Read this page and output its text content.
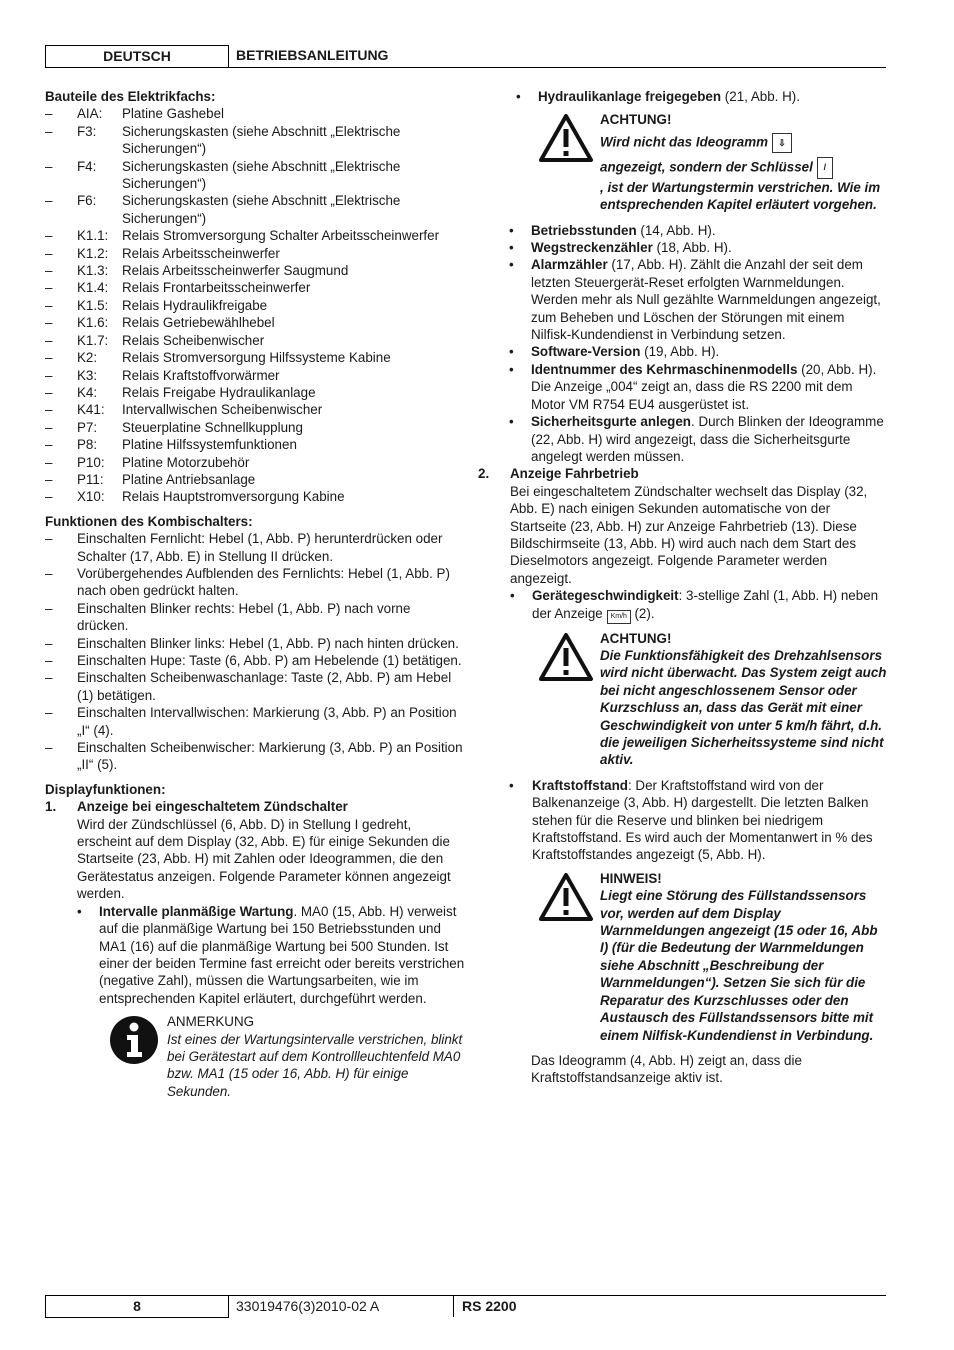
DEUTSCH	BETRIEBSANLEITUNG
Bauteile des Elektrikfachs:
– AIA: Platine Gashebel
– F3: Sicherungskasten (siehe Abschnitt „Elektrische Sicherungen“)
– F4: Sicherungskasten (siehe Abschnitt „Elektrische Sicherungen“)
– F6: Sicherungskasten (siehe Abschnitt „Elektrische Sicherungen“)
– K1.1: Relais Stromversorgung Schalter Arbeitsscheinwerfer
– K1.2: Relais Arbeitsscheinwerfer
– K1.3: Relais Arbeitsscheinwerfer Saugmund
– K1.4: Relais Frontarbeitsscheinwerfer
– K1.5: Relais Hydraulikfreigabe
– K1.6: Relais Getriebewählhebel
– K1.7: Relais Scheibenwischer
– K2: Relais Stromversorgung Hilfssysteme Kabine
– K3: Relais Kraftstoffvorwärmer
– K4: Relais Freigabe Hydraulikanlage
– K41: Intervallwischen Scheibenwischer
– P7: Steuerplatine Schnellkupplung
– P8: Platine Hilfssystemfunktionen
– P10: Platine Motorzubehör
– P11: Platine Antriebsanlage
– X10: Relais Hauptstromversorgung Kabine
Funktionen des Kombischalters:
– Einschalten Fernlicht: Hebel (1, Abb. P) herunterdrücken oder Schalter (17, Abb. E) in Stellung II drücken.
– Vorübergehendes Aufblenden des Fernlichts: Hebel (1, Abb. P) nach oben gedrückt halten.
– Einschalten Blinker rechts: Hebel (1, Abb. P) nach vorne drücken.
– Einschalten Blinker links: Hebel (1, Abb. P) nach hinten drücken.
– Einschalten Hupe: Taste (6, Abb. P) am Hebelende (1) betätigen.
– Einschalten Scheibenwaschanlage: Taste (2, Abb. P) am Hebel (1) betätigen.
– Einschalten Intervallwischen: Markierung (3, Abb. P) an Position „I“ (4).
– Einschalten Scheibenwischer: Markierung (3, Abb. P) an Position „II“ (5).
Displayfunktionen:
1. Anzeige bei eingeschaltetem Zündschalter
Wird der Zündschlüssel (6, Abb. D) in Stellung I gedreht, erscheint auf dem Display (32, Abb. E) für einige Sekunden die Startseite (23, Abb. H) mit Zahlen oder Ideogrammen, die den Gerätestatus anzeigen. Folgende Parameter können angezeigt werden.
• Intervalle planmäßige Wartung. MA0 (15, Abb. H) verweist auf die planmäßige Wartung bei 150 Betriebsstunden und MA1 (16) auf die planmäßige Wartung bei 500 Stunden. Ist einer der beiden Termine fast erreicht oder bereits verstrichen (negative Zahl), müssen die Wartungsarbeiten, wie im entsprechenden Kapitel erläutert, durchgeführt werden.
ANMERKUNG
Ist eines der Wartungsintervalle verstrichen, blinkt bei Gerätestart auf dem Kontrollleuchtenfeld MA0 bzw. MA1 (15 oder 16, Abb. H) für einige Sekunden.
• Hydraulikanlage freigegeben (21, Abb. H).
ACHTUNG!
Wird nicht das Ideogramm ⇩
angezeigt, sondern der Schlüssel /
, ist der Wartungstermin verstrichen. Wie im entsprechenden Kapitel erläutert vorgehen.
• Betriebsstunden (14, Abb. H).
• Wegstreckenzähler (18, Abb. H).
• Alarmzähler (17, Abb. H). Zählt die Anzahl der seit dem letzten Steuergerät-Reset erfolgten Warnmeldungen. Werden mehr als Null gezählte Warnmeldungen angezeigt, zum Beheben und Löschen der Störungen mit einem Nilfisk-Kundendienst in Verbindung setzen.
• Software-Version (19, Abb. H).
• Identnummer des Kehrmaschinenmodells (20, Abb. H). Die Anzeige „004“ zeigt an, dass die RS 2200 mit dem Motor VM R754 EU4 ausgerüstet ist.
• Sicherheitsgurte anlegen. Durch Blinken der Ideogramme (22, Abb. H) wird angezeigt, dass die Sicherheitsgurte angelegt werden müssen.
2. Anzeige Fahrbetrieb
Bei eingeschaltetem Zündschalter wechselt das Display (32, Abb. E) nach einigen Sekunden automatische von der Startseite (23, Abb. H) zur Anzeige Fahrbetrieb (13). Diese Bildschirmseite (13, Abb. H) wird auch nach dem Start des Dieselmotors angezeigt. Folgende Parameter werden angezeigt.
• Gerätegeschwindigkeit: 3-stellige Zahl (1, Abb. H) neben der Anzeige Km/h (2).
ACHTUNG!
Die Funktionsfähigkeit des Drehzahlsensors wird nicht überwacht. Das System zeigt auch bei nicht angeschlossenem Sensor oder Kurzschluss an, dass das Gerät mit einer Geschwindigkeit von unter 5 km/h fährt, d.h. die jeweiligen Sicherheitssysteme sind nicht aktiv.
• Kraftstoffstand: Der Kraftstoffstand wird von der Balkenanzeige (3, Abb. H) dargestellt. Die letzten Balken stehen für die Reserve und blinken bei niedrigem Kraftstoffstand. Es wird auch der Momentanwert in % des Kraftstoffstandes angezeigt (5, Abb. H).
HINWEIS!
Liegt eine Störung des Füllstandssensors vor, werden auf dem Display Warnmeldungen angezeigt (15 oder 16, Abb I) (für die Bedeutung der Warnmeldungen siehe Abschnitt „Beschreibung der Warnmeldungen“). Setzen Sie sich für die Reparatur des Kurzschlusses oder den Austausch des Füllstandssensors bitte mit einem Nilfisk-Kundendienst in Verbindung.
Das Ideogramm (4, Abb. H) zeigt an, dass die Kraftstoffstandsanzeige aktiv ist.
8	33019476(3)2010-02 A	RS 2200
